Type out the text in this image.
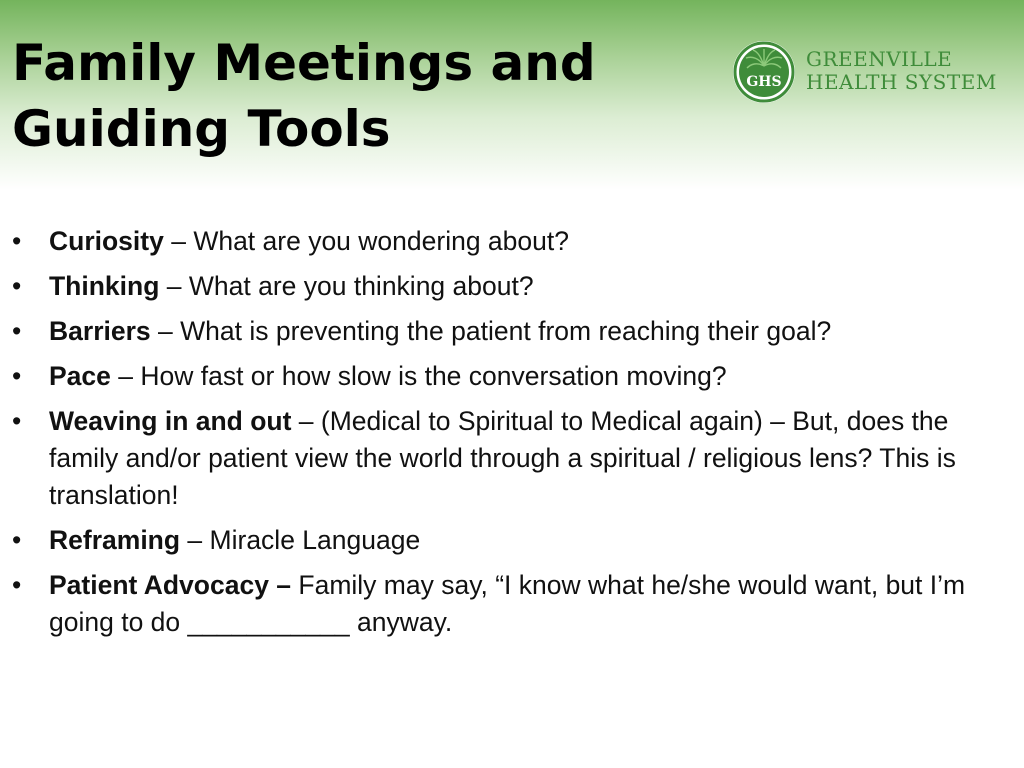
Family Meetings and
Guiding Tools
GHS
GREENVILLE
HEALTH SYSTEM
• Curiosity – What are you wondering about?
• Thinking – What are you thinking about?
• Barriers – What is preventing the patient from reaching their goal?
• Pace – How fast or how slow is the conversation moving?
• Weaving in and out – (Medical to Spiritual to Medical again) – But, does the family and/or patient view the world through a spiritual / religious lens? This is translation!
• Reframing – Miracle Language
• Patient Advocacy – Family may say, “I know what he/she would want, but I’m going to do ___________ anyway.
